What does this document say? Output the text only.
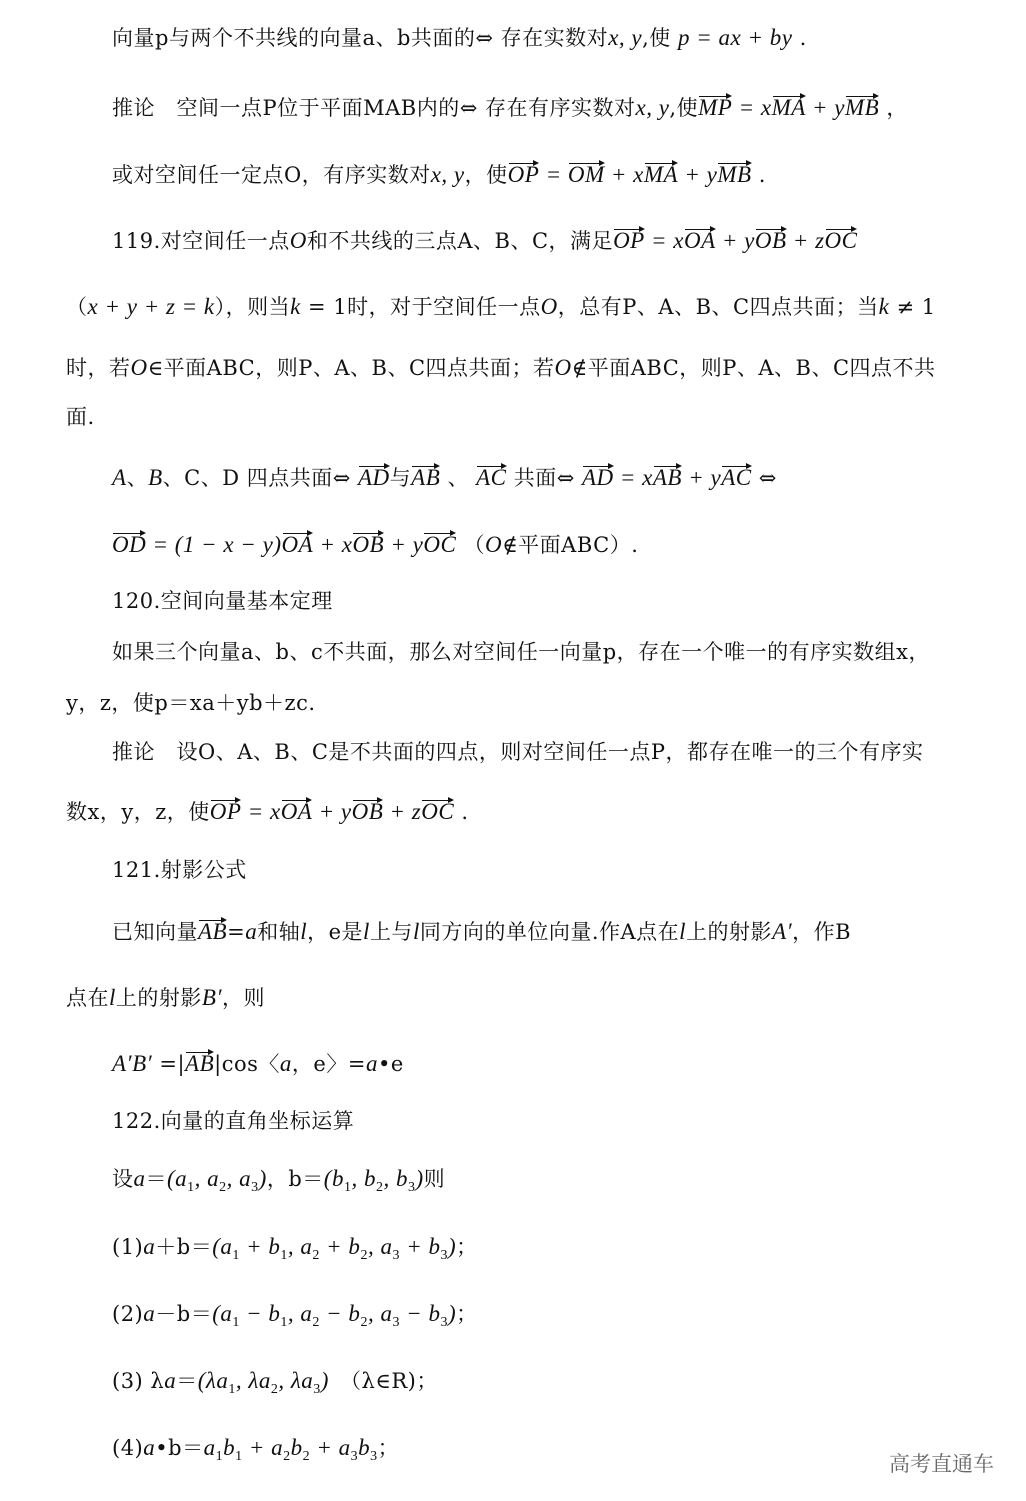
向量p与两个不共线的向量a、b共面的⇔ 存在实数对x, y,使 p = ax + by .
推论　空间一点P位于平面MAB内的⇔ 存在有序实数对x, y,使MP = xMA + yMB ，
或对空间任一定点O，有序实数对x, y，使OP = OM + xMA + yMB .
119.对空间任一点O和不共线的三点A、B、C，满足OP = xOA + yOB + zOC
（x + y + z = k），则当k = 1时，对于空间任一点O，总有P、A、B、C四点共面；当k ≠ 1
时，若O∈平面ABC，则P、A、B、C四点共面；若O∉平面ABC，则P、A、B、C四点不共
面.
A、B、C、D 四点共面⇔ AD与AB 、 AC 共面⇔ AD = xAB + yAC ⇔
OD = (1 − x − y)OA + xOB + yOC （O∉平面ABC）.
120.空间向量基本定理
如果三个向量a、b、c不共面，那么对空间任一向量p，存在一个唯一的有序实数组x，
y，z，使p＝xa＋yb＋zc.
推论　设O、A、B、C是不共面的四点，则对空间任一点P，都存在唯一的三个有序实
数x，y，z，使OP = xOA + yOB + zOC .
121.射影公式
已知向量AB=a和轴l，e是l上与l同方向的单位向量.作A点在l上的射影A′，作B
点在l上的射影B′，则
A′B′ =|AB|cos〈a，e〉=a•e
122.向量的直角坐标运算
设$a=(a_1$, $a_2$, $a_3$)，$b=(b_1$, $b_2$, $b_3$)则
$(1)a+b=(a_1 + b_1$, $a_2 + b_2$, $a_3 + b_3$)；
$(2)a-b=(a_1 - b_1$, $a_2 - b_2$, $a_3 - b_3$)；
(3) $\lambda a=(\lambda a_1$, $\lambda a_2$, $\lambda a_3$)　（λ∈R)；
$(4)a•b=a_1b_1 + a_2b_2 + a_3b_3$；
高考直通车
